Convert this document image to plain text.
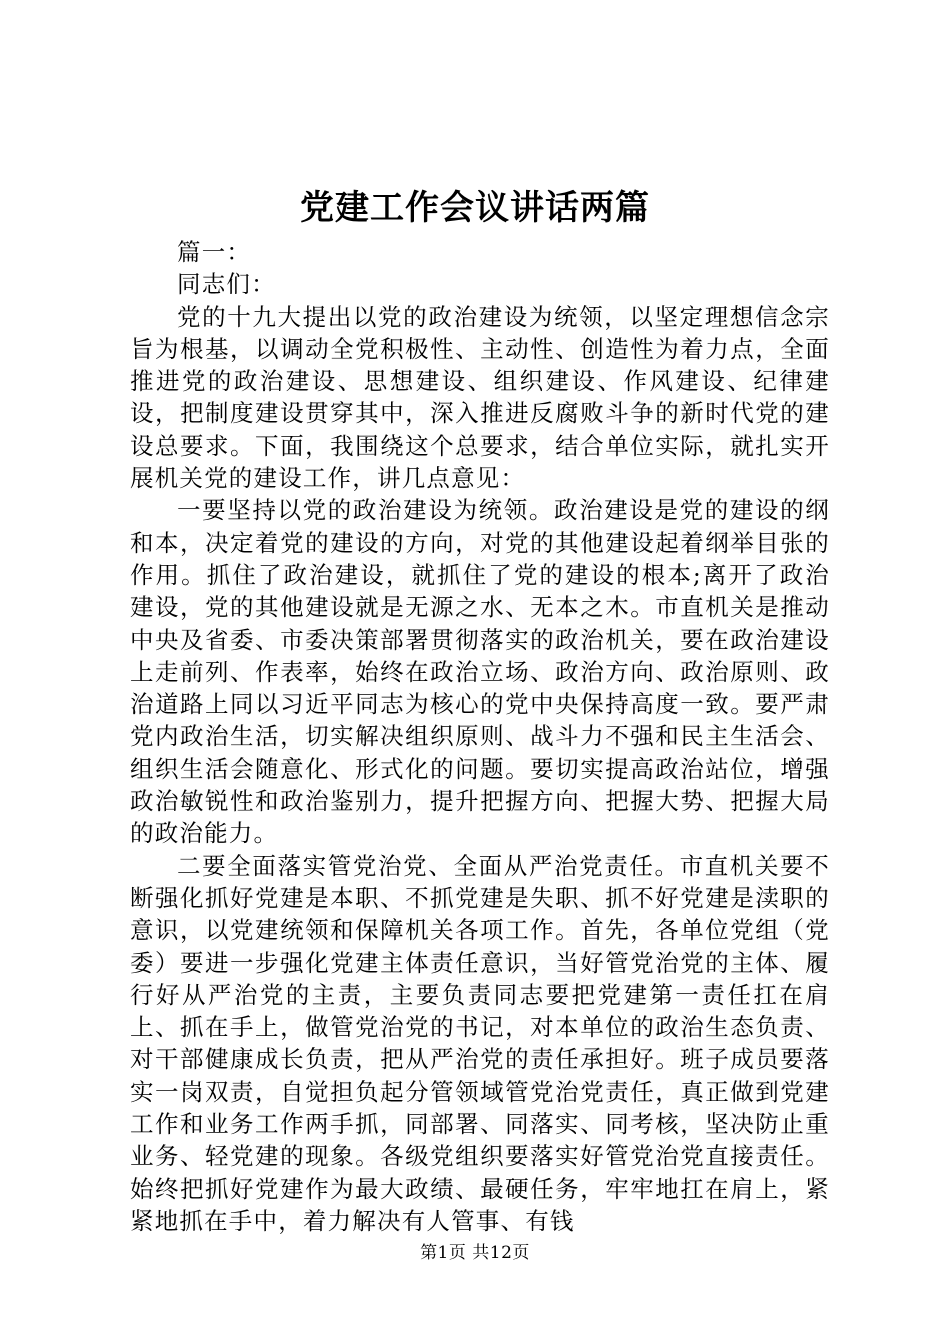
党建工作会议讲话两篇

篇一：

同志们：

党的十九大提出以党的政治建设为统领，以坚定理想信念宗旨为根基，以调动全党积极性、主动性、创造性为着力点，全面推进党的政治建设、思想建设、组织建设、作风建设、纪律建设，把制度建设贯穿其中，深入推进反腐败斗争的新时代党的建设总要求。下面，我围绕这个总要求，结合单位实际，就扎实开展机关党的建设工作，讲几点意见：

一要坚持以党的政治建设为统领。政治建设是党的建设的纲和本，决定着党的建设的方向，对党的其他建设起着纲举目张的作用。抓住了政治建设，就抓住了党的建设的根本;离开了政治建设，党的其他建设就是无源之水、无本之木。市直机关是推动中央及省委、市委决策部署贯彻落实的政治机关，要在政治建设上走前列、作表率，始终在政治立场、政治方向、政治原则、政治道路上同以习近平同志为核心的党中央保持高度一致。要严肃党内政治生活，切实解决组织原则、战斗力不强和民主生活会、组织生活会随意化、形式化的问题。要切实提高政治站位，增强政治敏锐性和政治鉴别力，提升把握方向、把握大势、把握大局的政治能力。

二要全面落实管党治党、全面从严治党责任。市直机关要不断强化抓好党建是本职、不抓党建是失职、抓不好党建是渎职的意识，以党建统领和保障机关各项工作。首先，各单位党组（党委）要进一步强化党建主体责任意识，当好管党治党的主体、履行好从严治党的主责，主要负责同志要把党建第一责任扛在肩上、抓在手上，做管党治党的书记，对本单位的政治生态负责、对干部健康成长负责，把从严治党的责任承担好。班子成员要落实一岗双责，自觉担负起分管领域管党治党责任，真正做到党建工作和业务工作两手抓，同部署、同落实、同考核，坚决防止重业务、轻党建的现象。各级党组织要落实好管党治党直接责任。始终把抓好党建作为最大政绩、最硬任务，牢牢地扛在肩上，紧紧地抓在手中，着力解决有人管事、有钱

第1页 共12页
